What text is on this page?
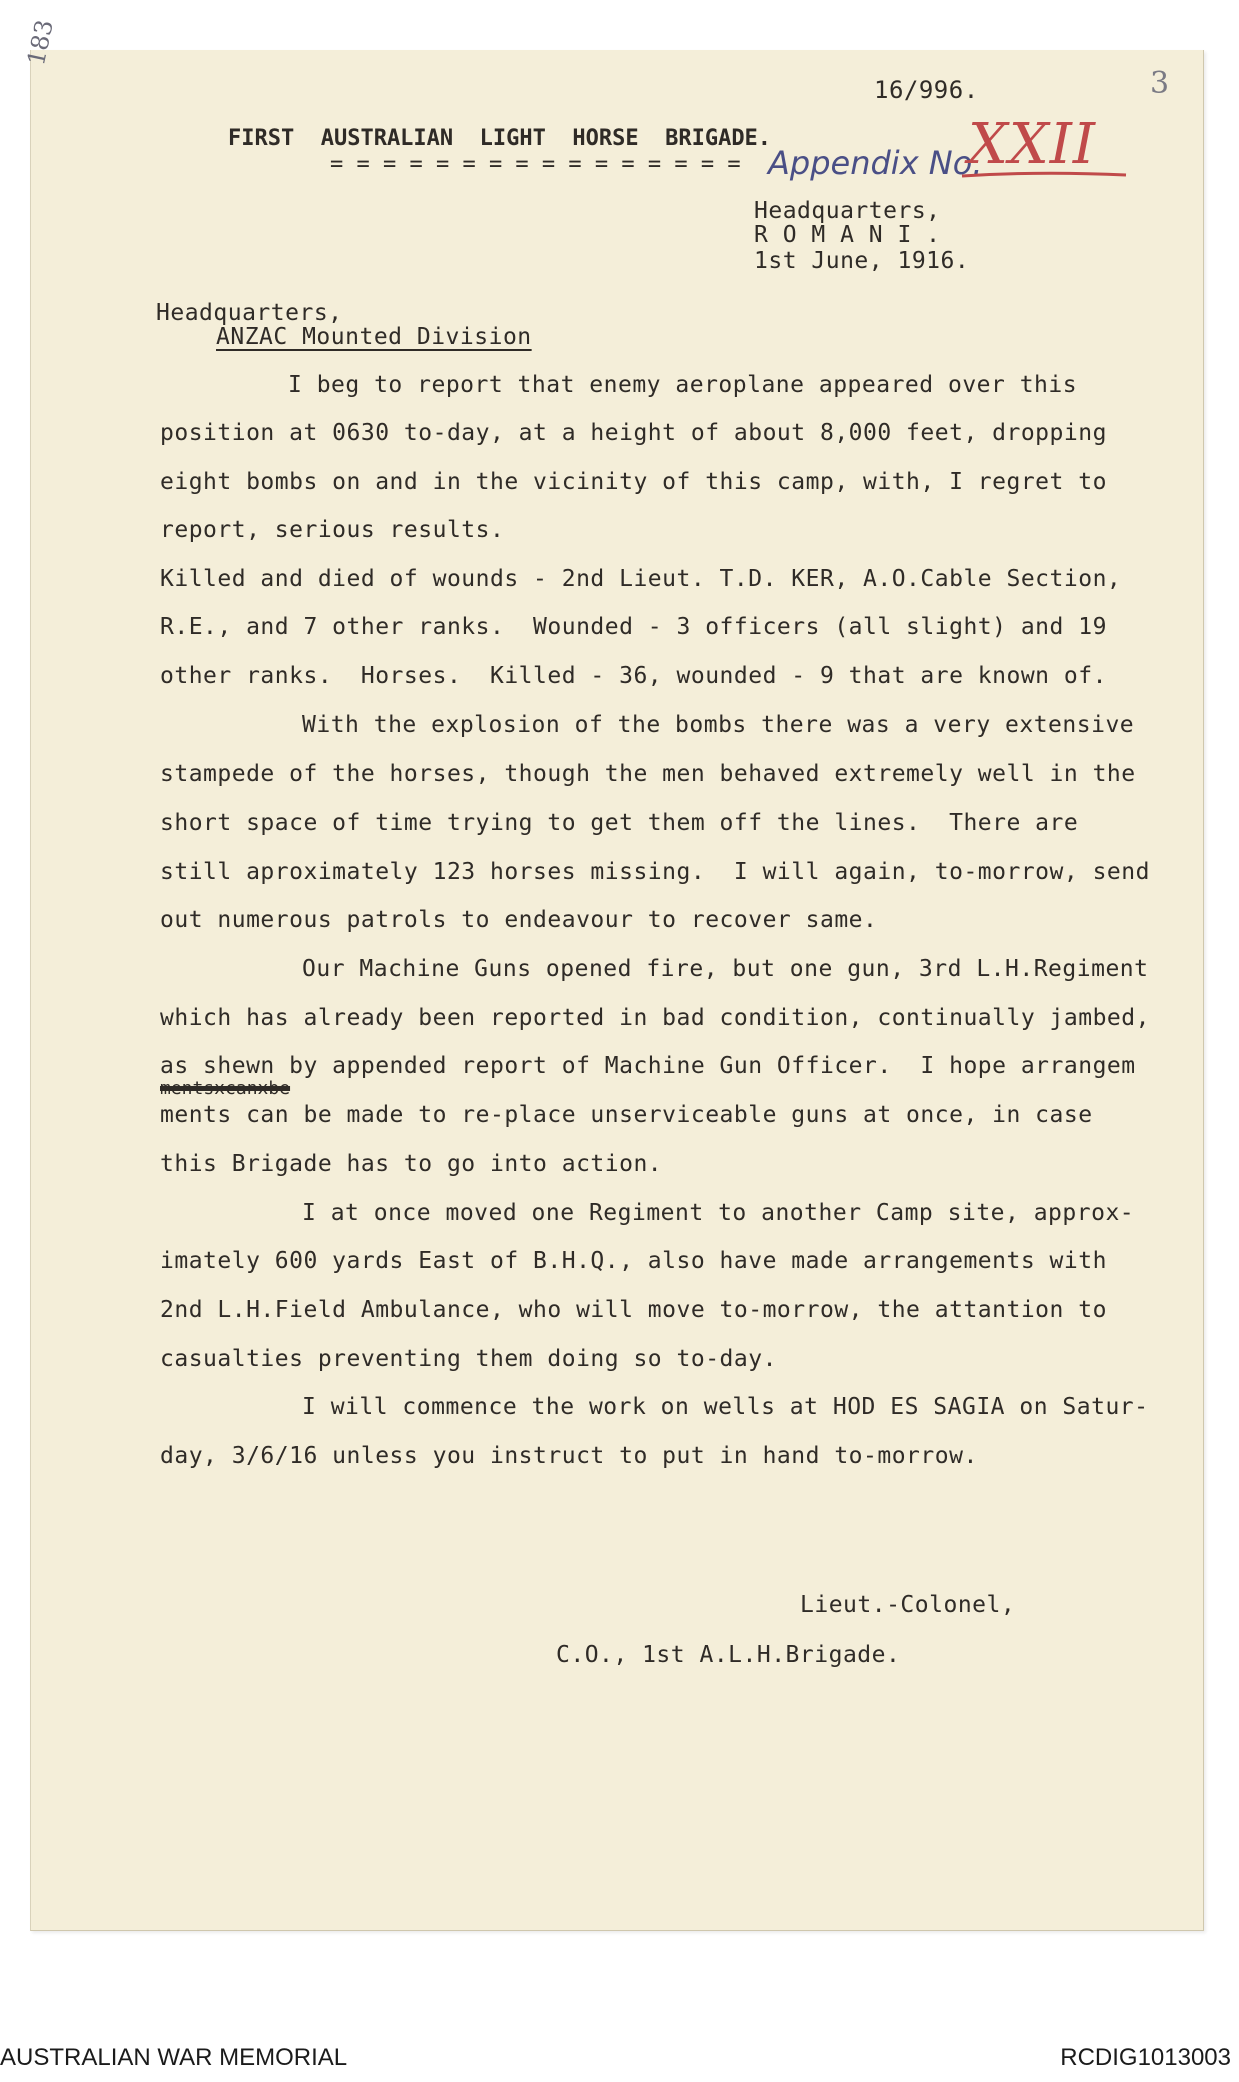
183
3
16/996.
FIRST  AUSTRALIAN  LIGHT  HORSE  BRIGADE.
= = = = = = = = = = = = = = = = Appendix No.
XXII
Headquarters,
R O M A N I .
1st June, 1916.
Headquarters,
ANZAC Mounted Division
I beg to report that enemy aeroplane appeared over this
position at 0630 to-day, at a height of about 8,000 feet, dropping
eight bombs on and in the vicinity of this camp, with, I regret to
report, serious results.
Killed and died of wounds - 2nd Lieut. T.D. KER, A.O.Cable Section,
R.E., and 7 other ranks.  Wounded - 3 officers (all slight) and 19
other ranks.  Horses.  Killed - 36, wounded - 9 that are known of.
With the explosion of the bombs there was a very extensive
stampede of the horses, though the men behaved extremely well in the
short space of time trying to get them off the lines.  There are
still aproximately 123 horses missing.  I will again, to-morrow, send
out numerous patrols to endeavour to recover same.
Our Machine Guns opened fire, but one gun, 3rd L.H.Regiment
which has already been reported in bad condition, continually jambed,
as shewn by appended report of Machine Gun Officer.  I hope arrangem
mentsxcanxbe
ments can be made to re-place unserviceable guns at once, in case
this Brigade has to go into action.
I at once moved one Regiment to another Camp site, approx-
imately 600 yards East of B.H.Q., also have made arrangements with
2nd L.H.Field Ambulance, who will move to-morrow, the attantion to
casualties preventing them doing so to-day.
I will commence the work on wells at HOD ES SAGIA on Satur-
day, 3/6/16 unless you instruct to put in hand to-morrow.
Lieut.-Colonel,
C.O., 1st A.L.H.Brigade.
AUSTRALIAN WAR MEMORIAL	RCDIG1013003
